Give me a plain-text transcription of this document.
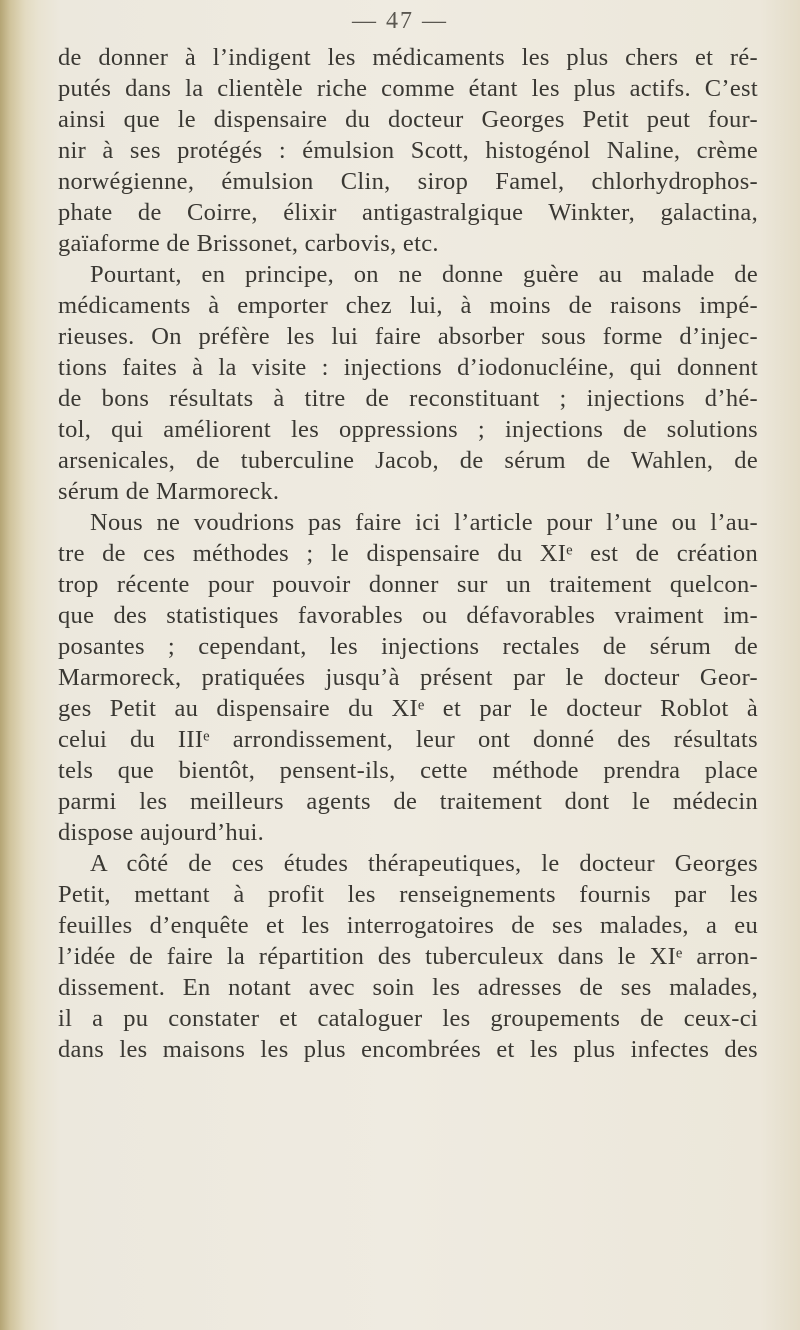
— 47 —
de donner à l’indigent les médicaments les plus chers et ré-
putés dans la clientèle riche comme étant les plus actifs. C’est
ainsi que le dispensaire du docteur Georges Petit peut four-
nir à ses protégés : émulsion Scott, histogénol Naline, crème
norwégienne, émulsion Clin, sirop Famel, chlorhydrophos-
phate de Coirre, élixir antigastralgique Winkter, galactina,
gaïaforme de Brissonet, carbovis, etc.
Pourtant, en principe, on ne donne guère au malade de
médicaments à emporter chez lui, à moins de raisons impé-
rieuses. On préfère les lui faire absorber sous forme d’injec-
tions faites à la visite : injections d’iodonucléine, qui donnent
de bons résultats à titre de reconstituant ; injections d’hé-
tol, qui améliorent les oppressions ; injections de solutions
arsenicales, de tuberculine Jacob, de sérum de Wahlen, de
sérum de Marmoreck.
Nous ne voudrions pas faire ici l’article pour l’une ou l’au-
tre de ces méthodes ; le dispensaire du XIᵉ est de création
trop récente pour pouvoir donner sur un traitement quelcon-
que des statistiques favorables ou défavorables vraiment im-
posantes ; cependant, les injections rectales de sérum de
Marmoreck, pratiquées jusqu’à présent par le docteur Geor-
ges Petit au dispensaire du XIᵉ et par le docteur Roblot à
celui du IIIᵉ arrondissement, leur ont donné des résultats
tels que bientôt, pensent-ils, cette méthode prendra place
parmi les meilleurs agents de traitement dont le médecin
dispose aujourd’hui.
A côté de ces études thérapeutiques, le docteur Georges
Petit, mettant à profit les renseignements fournis par les
feuilles d’enquête et les interrogatoires de ses malades, a eu
l’idée de faire la répartition des tuberculeux dans le XIᵉ arron-
dissement. En notant avec soin les adresses de ses malades,
il a pu constater et cataloguer les groupements de ceux-ci
dans les maisons les plus encombrées et les plus infectes des
